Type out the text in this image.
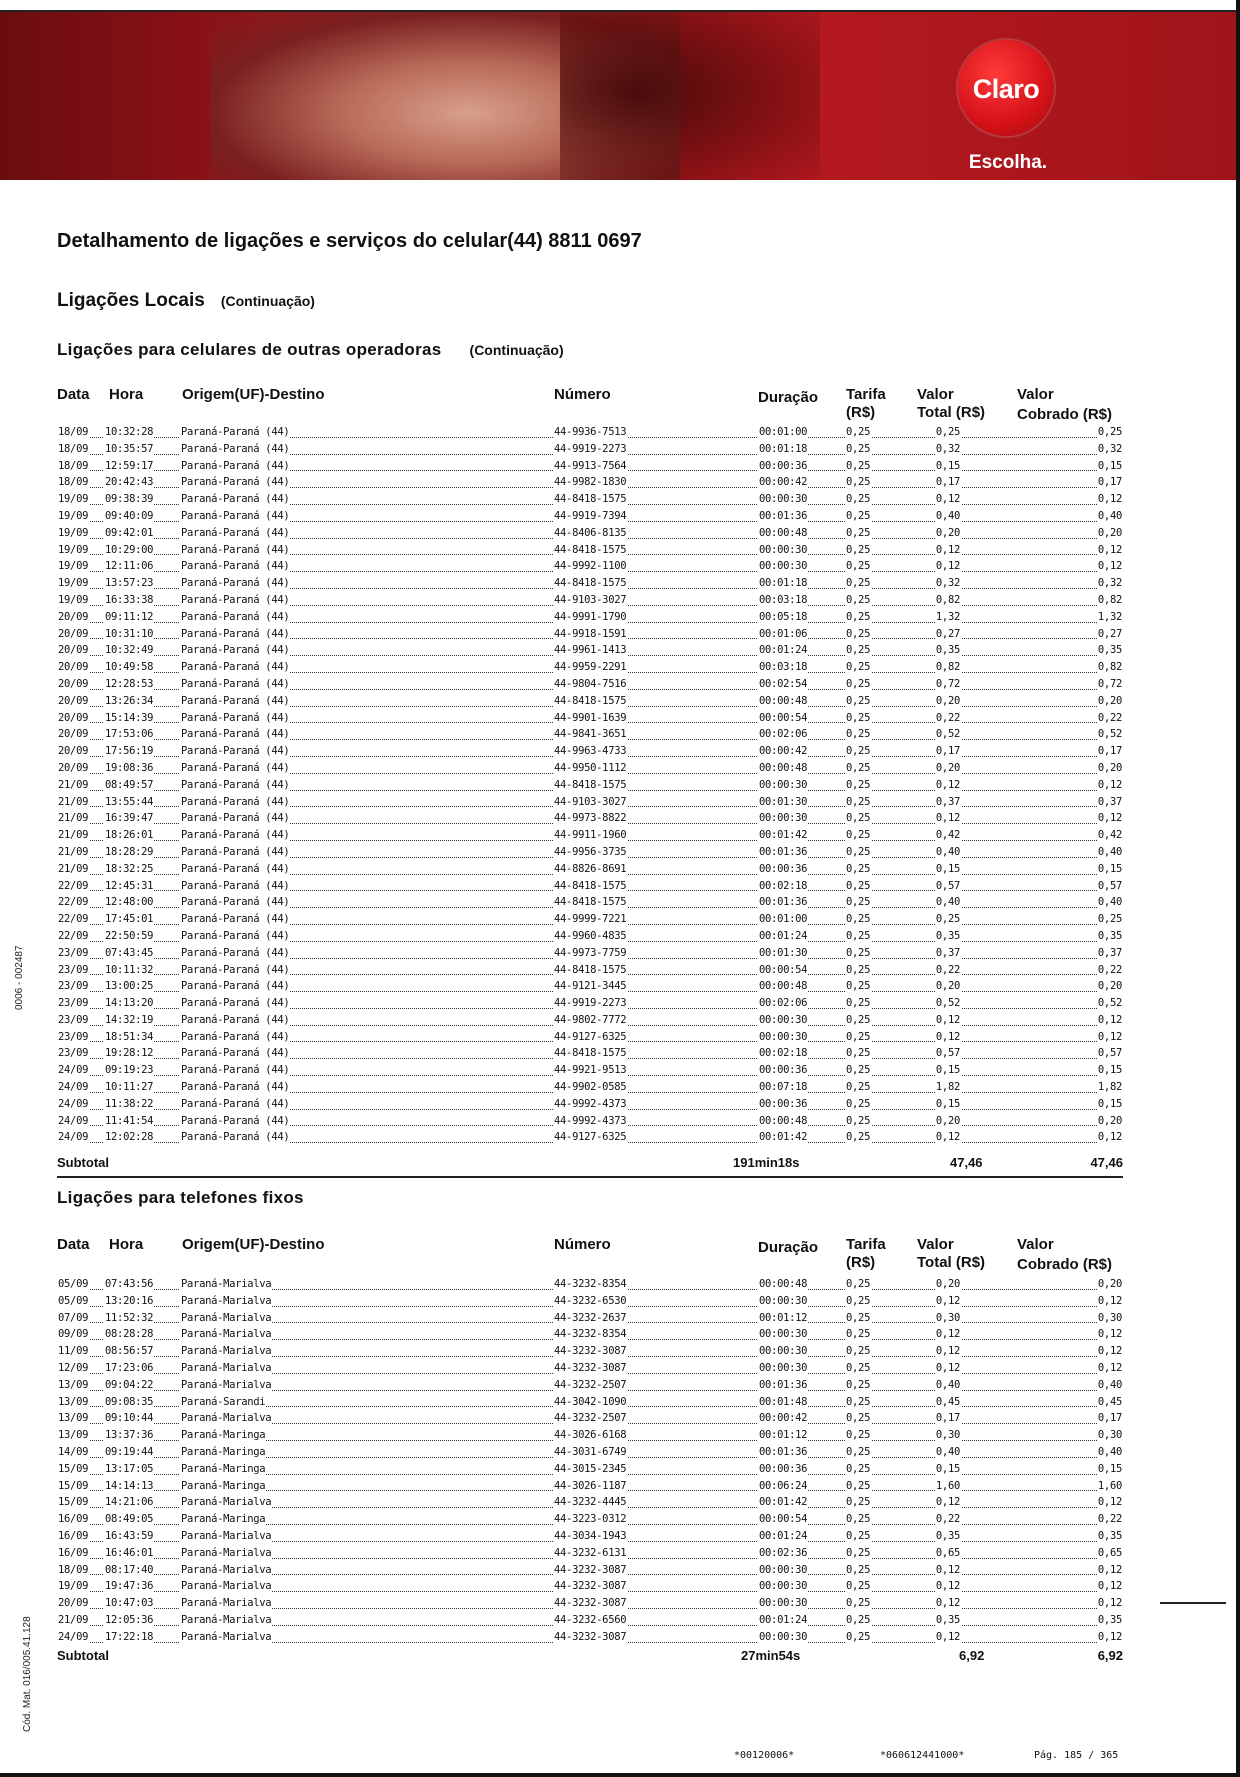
Claro
Escolha.
Detalhamento de ligações e serviços do celular(44) 8811 0697
Ligações Locais (Continuação)
Ligações para celulares de outras operadoras (Continuação)
Data Hora	Origem(UF)-Destino	Número	Duração Tarifa
(R$)
Valor
Total (R$)
Valor
Cobrado (R$)
18/09 10:32:28	Paraná-Paraná (44)	44-9936-7513	00:01:00	0,25	0,25	0,25
18/09 10:35:57	Paraná-Paraná (44)	44-9919-2273	00:01:18	0,25	0,32	0,32
18/09 12:59:17	Paraná-Paraná (44)	44-9913-7564	00:00:36	0,25	0,15	0,15
18/09 20:42:43	Paraná-Paraná (44)	44-9982-1830	00:00:42	0,25	0,17	0,17
19/09 09:38:39	Paraná-Paraná (44)	44-8418-1575	00:00:30	0,25	0,12	0,12
19/09 09:40:09	Paraná-Paraná (44)	44-9919-7394	00:01:36	0,25	0,40	0,40
19/09 09:42:01	Paraná-Paraná (44)	44-8406-8135	00:00:48	0,25	0,20	0,20
19/09 10:29:00	Paraná-Paraná (44)	44-8418-1575	00:00:30	0,25	0,12	0,12
19/09 12:11:06	Paraná-Paraná (44)	44-9992-1100	00:00:30	0,25	0,12	0,12
19/09 13:57:23	Paraná-Paraná (44)	44-8418-1575	00:01:18	0,25	0,32	0,32
19/09 16:33:38	Paraná-Paraná (44)	44-9103-3027	00:03:18	0,25	0,82	0,82
20/09 09:11:12	Paraná-Paraná (44)	44-9991-1790	00:05:18	0,25	1,32	1,32
20/09 10:31:10	Paraná-Paraná (44)	44-9918-1591	00:01:06	0,25	0,27	0,27
20/09 10:32:49	Paraná-Paraná (44)	44-9961-1413	00:01:24	0,25	0,35	0,35
20/09 10:49:58	Paraná-Paraná (44)	44-9959-2291	00:03:18	0,25	0,82	0,82
20/09 12:28:53	Paraná-Paraná (44)	44-9804-7516	00:02:54	0,25	0,72	0,72
20/09 13:26:34	Paraná-Paraná (44)	44-8418-1575	00:00:48	0,25	0,20	0,20
20/09 15:14:39	Paraná-Paraná (44)	44-9901-1639	00:00:54	0,25	0,22	0,22
20/09 17:53:06	Paraná-Paraná (44)	44-9841-3651	00:02:06	0,25	0,52	0,52
20/09 17:56:19	Paraná-Paraná (44)	44-9963-4733	00:00:42	0,25	0,17	0,17
20/09 19:08:36	Paraná-Paraná (44)	44-9950-1112	00:00:48	0,25	0,20	0,20
21/09 08:49:57	Paraná-Paraná (44)	44-8418-1575	00:00:30	0,25	0,12	0,12
21/09 13:55:44	Paraná-Paraná (44)	44-9103-3027	00:01:30	0,25	0,37	0,37
21/09 16:39:47	Paraná-Paraná (44)	44-9973-8822	00:00:30	0,25	0,12	0,12
21/09 18:26:01	Paraná-Paraná (44)	44-9911-1960	00:01:42	0,25	0,42	0,42
21/09 18:28:29	Paraná-Paraná (44)	44-9956-3735	00:01:36	0,25	0,40	0,40
21/09 18:32:25	Paraná-Paraná (44)	44-8826-8691	00:00:36	0,25	0,15	0,15
22/09 12:45:31	Paraná-Paraná (44)	44-8418-1575	00:02:18	0,25	0,57	0,57
22/09 12:48:00	Paraná-Paraná (44)	44-8418-1575	00:01:36	0,25	0,40	0,40
22/09 17:45:01	Paraná-Paraná (44)	44-9999-7221	00:01:00	0,25	0,25	0,25
22/09 22:50:59	Paraná-Paraná (44)	44-9960-4835	00:01:24	0,25	0,35	0,35
23/09 07:43:45	Paraná-Paraná (44)	44-9973-7759	00:01:30	0,25	0,37	0,37
23/09 10:11:32	Paraná-Paraná (44)	44-8418-1575	00:00:54	0,25	0,22	0,22
23/09 13:00:25	Paraná-Paraná (44)	44-9121-3445	00:00:48	0,25	0,20	0,20
23/09 14:13:20	Paraná-Paraná (44)	44-9919-2273	00:02:06	0,25	0,52	0,52
23/09 14:32:19	Paraná-Paraná (44)	44-9802-7772	00:00:30	0,25	0,12	0,12
23/09 18:51:34	Paraná-Paraná (44)	44-9127-6325	00:00:30	0,25	0,12	0,12
23/09 19:28:12	Paraná-Paraná (44)	44-8418-1575	00:02:18	0,25	0,57	0,57
24/09 09:19:23	Paraná-Paraná (44)	44-9921-9513	00:00:36	0,25	0,15	0,15
24/09 10:11:27	Paraná-Paraná (44)	44-9902-0585	00:07:18	0,25	1,82	1,82
24/09 11:38:22	Paraná-Paraná (44)	44-9992-4373	00:00:36	0,25	0,15	0,15
24/09 11:41:54	Paraná-Paraná (44)	44-9992-4373	00:00:48	0,25	0,20	0,20
24/09 12:02:28	Paraná-Paraná (44)	44-9127-6325	00:01:42	0,25	0,12	0,12
Subtotal	191min18s	47,46	47,46
Ligações para telefones fixos
Data Hora	Origem(UF)-Destino	Número	Duração Tarifa
(R$)
Valor
Total (R$)
Valor
Cobrado (R$)
05/09 07:43:56	Paraná-Marialva	44-3232-8354	00:00:48	0,25	0,20	0,20
05/09 13:20:16	Paraná-Marialva	44-3232-6530	00:00:30	0,25	0,12	0,12
07/09 11:52:32	Paraná-Marialva	44-3232-2637	00:01:12	0,25	0,30	0,30
09/09 08:28:28	Paraná-Marialva	44-3232-8354	00:00:30	0,25	0,12	0,12
11/09 08:56:57	Paraná-Marialva	44-3232-3087	00:00:30	0,25	0,12	0,12
12/09 17:23:06	Paraná-Marialva	44-3232-3087	00:00:30	0,25	0,12	0,12
13/09 09:04:22	Paraná-Marialva	44-3232-2507	00:01:36	0,25	0,40	0,40
13/09 09:08:35	Paraná-Sarandi	44-3042-1090	00:01:48	0,25	0,45	0,45
13/09 09:10:44	Paraná-Marialva	44-3232-2507	00:00:42	0,25	0,17	0,17
13/09 13:37:36	Paraná-Maringa	44-3026-6168	00:01:12	0,25	0,30	0,30
14/09 09:19:44	Paraná-Maringa	44-3031-6749	00:01:36	0,25	0,40	0,40
15/09 13:17:05	Paraná-Maringa	44-3015-2345	00:00:36	0,25	0,15	0,15
15/09 14:14:13	Paraná-Maringa	44-3026-1187	00:06:24	0,25	1,60	1,60
15/09 14:21:06	Paraná-Marialva	44-3232-4445	00:01:42	0,25	0,12	0,12
16/09 08:49:05	Paraná-Maringa	44-3223-0312	00:00:54	0,25	0,22	0,22
16/09 16:43:59	Paraná-Marialva	44-3034-1943	00:01:24	0,25	0,35	0,35
16/09 16:46:01	Paraná-Marialva	44-3232-6131	00:02:36	0,25	0,65	0,65
18/09 08:17:40	Paraná-Marialva	44-3232-3087	00:00:30	0,25	0,12	0,12
19/09 19:47:36	Paraná-Marialva	44-3232-3087	00:00:30	0,25	0,12	0,12
20/09 10:47:03	Paraná-Marialva	44-3232-3087	00:00:30	0,25	0,12	0,12
21/09 12:05:36	Paraná-Marialva	44-3232-6560	00:01:24	0,25	0,35	0,35
24/09 17:22:18	Paraná-Marialva	44-3232-3087	00:00:30	0,25	0,12	0,12
Subtotal	27min54s	6,92	6,92
0006 - 002487
Cód. Mat. 016/005.41.128
*00120006*	*060612441000*	Pág. 185 / 365
